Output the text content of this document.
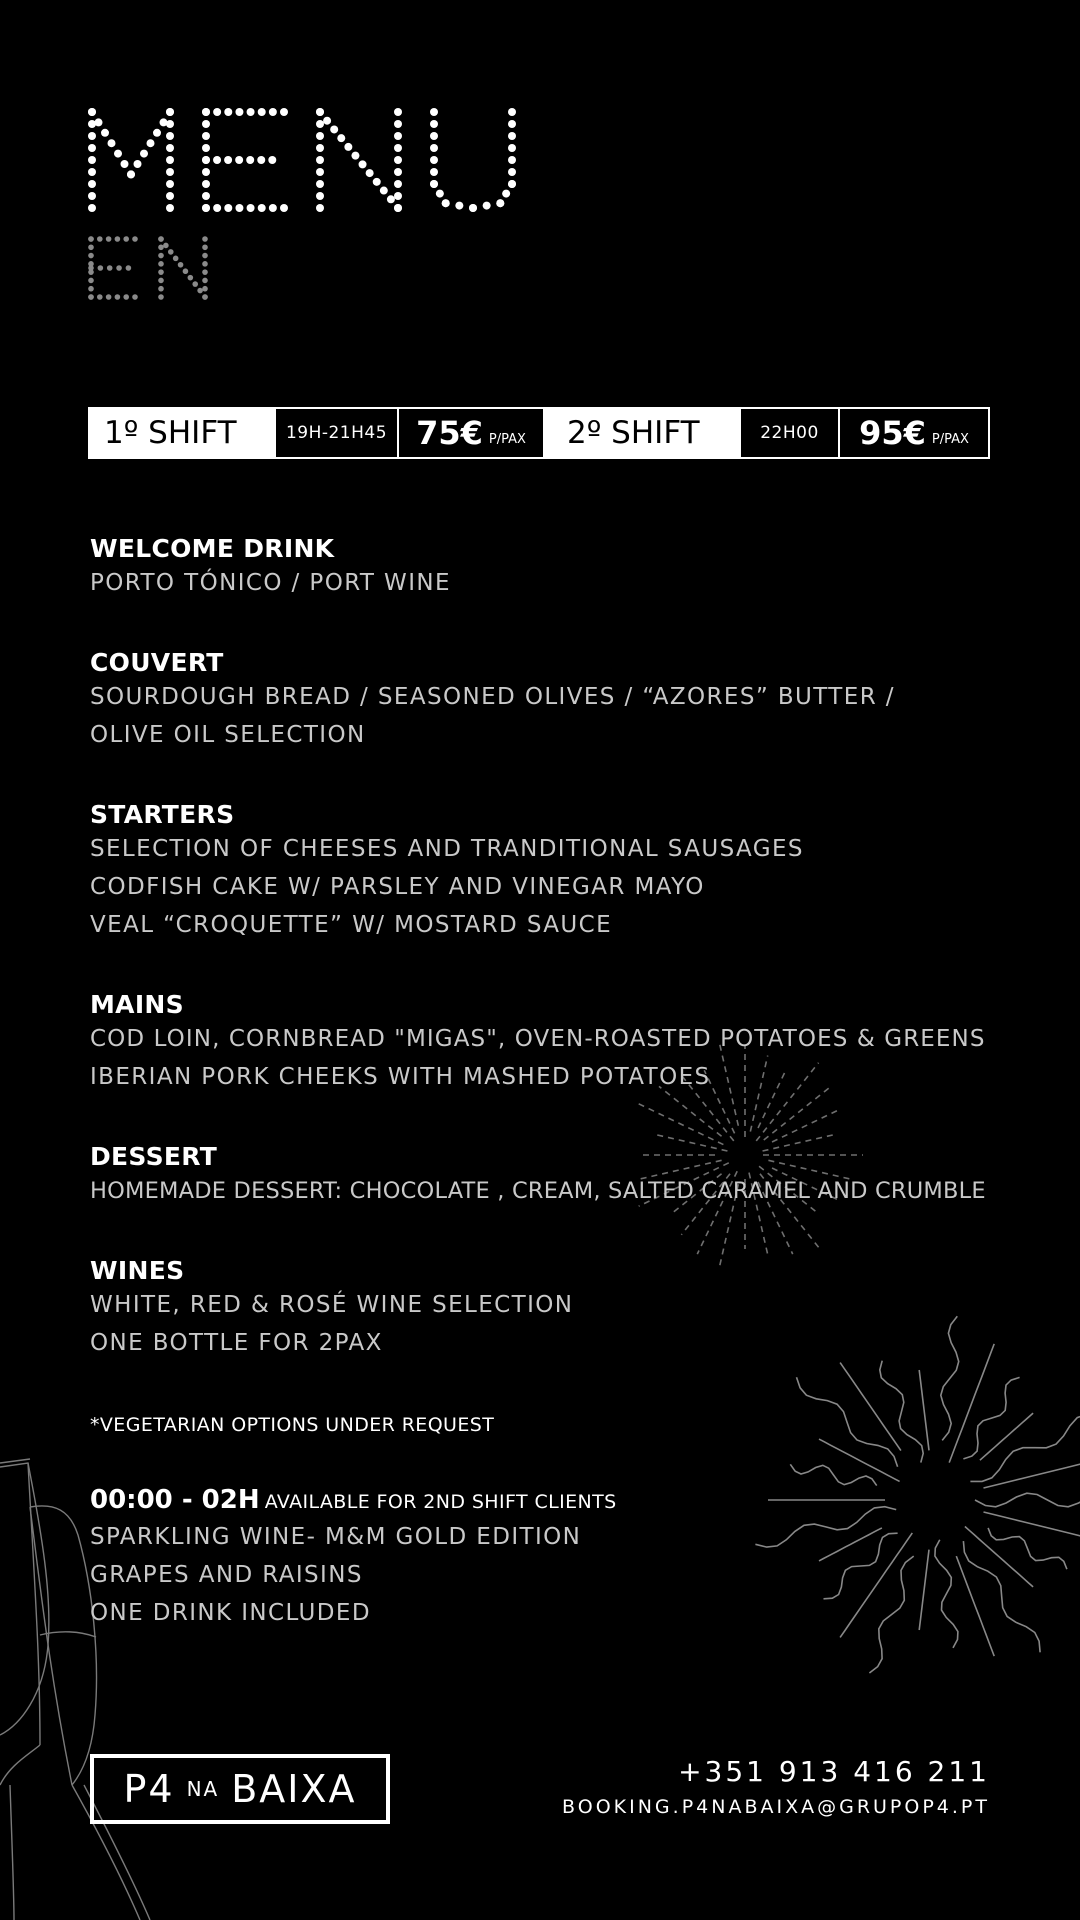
1º SHIFT	19H-21H45 75€ P/PAX	2º SHIFT	22H00	95€ P/PAX
WELCOME DRINK
PORTO TÓNICO / PORT WINE
COUVERT
SOURDOUGH BREAD / SEASONED OLIVES / “AZORES” BUTTER /
OLIVE OIL SELECTION
STARTERS
SELECTION OF CHEESES AND TRANDITIONAL SAUSAGES
CODFISH CAKE W/ PARSLEY AND VINEGAR MAYO
VEAL “CROQUETTE” W/ MOSTARD SAUCE
MAINS
COD LOIN, CORNBREAD "MIGAS", OVEN-ROASTED POTATOES & GREENS
IBERIAN PORK CHEEKS WITH MASHED POTATOES
DESSERT
HOMEMADE DESSERT: CHOCOLATE , CREAM, SALTED CARAMEL AND CRUMBLE
WINES
WHITE, RED & ROSÉ WINE SELECTION
ONE BOTTLE FOR 2PAX
*VEGETARIAN OPTIONS UNDER REQUEST
00:00 - 02H AVAILABLE FOR 2ND SHIFT CLIENTS
SPARKLING WINE- M&M GOLD EDITION
GRAPES AND RAISINS
ONE DRINK INCLUDED
P4 NA BAIXA	+351 913 416 211
BOOKING.P4NABAIXA@GRUPOP4.PT
